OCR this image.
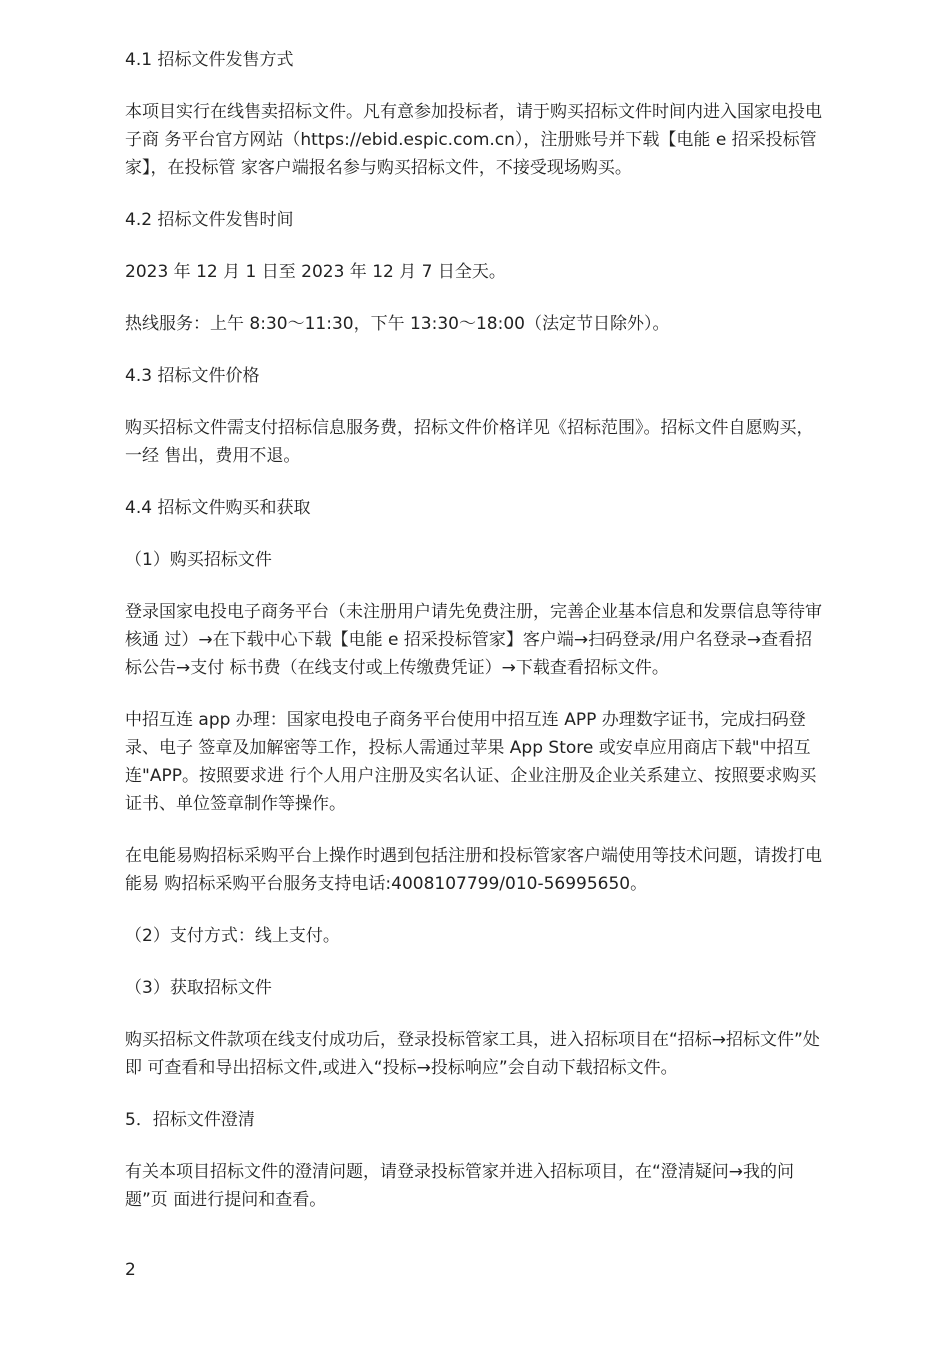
4.1 招标文件发售方式

本项目实行在线售卖招标文件。凡有意参加投标者，请于购买招标文件时间内进入国家电投电子商 务平台官方网站（https://ebid.espic.com.cn），注册账号并下载【电能 e 招采投标管家】，在投标管 家客户端报名参与购买招标文件，不接受现场购买。

4.2 招标文件发售时间

2023 年 12 月 1 日至 2023 年 12 月 7 日全天。

热线服务：上午 8:30～11:30，下午 13:30～18:00（法定节日除外）。

4.3 招标文件价格

购买招标文件需支付招标信息服务费，招标文件价格详见《招标范围》。招标文件自愿购买，一经 售出，费用不退。

4.4 招标文件购买和获取

（1）购买招标文件

登录国家电投电子商务平台（未注册用户请先免费注册，完善企业基本信息和发票信息等待审核通 过）→在下载中心下载【电能 e 招采投标管家】客户端→扫码登录/用户名登录→查看招标公告→支付 标书费（在线支付或上传缴费凭证）→下载查看招标文件。

中招互连 app 办理：国家电投电子商务平台使用中招互连 APP 办理数字证书，完成扫码登录、电子 签章及加解密等工作，投标人需通过苹果 App Store 或安卓应用商店下载"中招互连"APP。按照要求进 行个人用户注册及实名认证、企业注册及企业关系建立、按照要求购买证书、单位签章制作等操作。

在电能易购招标采购平台上操作时遇到包括注册和投标管家客户端使用等技术问题，请拨打电能易 购招标采购平台服务支持电话:4008107799/010-56995650。

（2）支付方式：线上支付。

（3）获取招标文件

购买招标文件款项在线支付成功后，登录投标管家工具，进入招标项目在“招标→招标文件”处即 可查看和导出招标文件,或进入“投标→投标响应”会自动下载招标文件。

5．招标文件澄清

有关本项目招标文件的澄清问题，请登录投标管家并进入招标项目，在“澄清疑问→我的问题”页 面进行提问和查看。

2
